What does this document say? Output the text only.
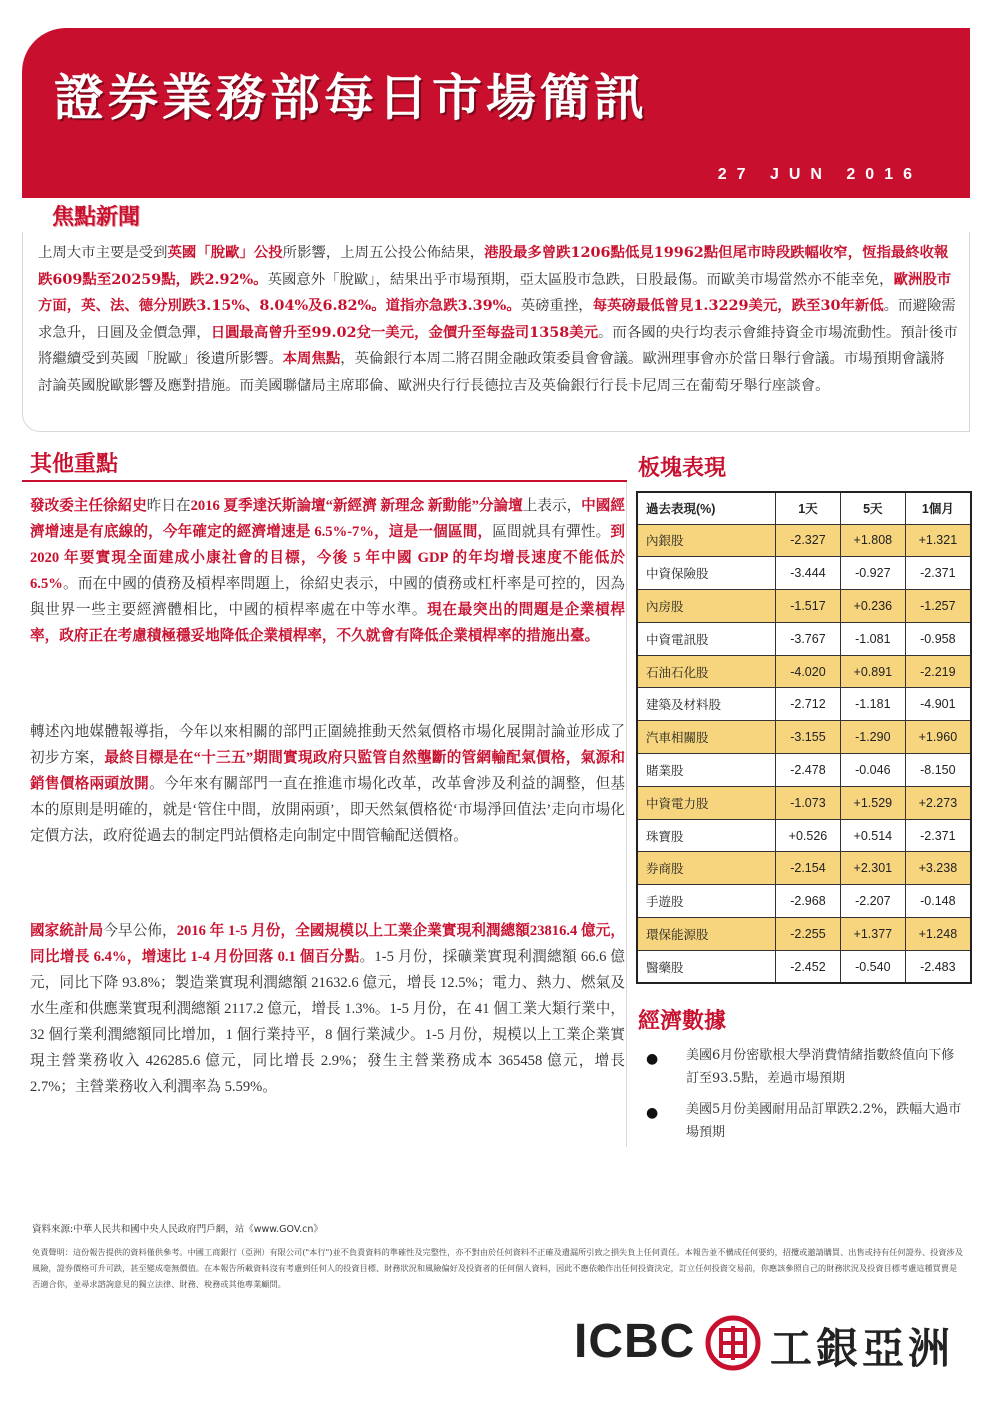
證券業務部每日市場簡訊
27 JUN 2016
焦點新聞
上周大市主要是受到英國「脫歐」公投所影響，上周五公投公佈結果，港股最多曾跌1206點低見19962點但尾市時段跌幅收窄，恆指最終收報跌609點至20259點，跌2.92%。英國意外「脫歐」，結果出乎市場預期，亞太區股市急跌，日股最傷。而歐美市場當然亦不能幸免，歐洲股市方面，英、法、德分別跌3.15%、8.04%及6.82%。道指亦急跌3.39%。英磅重挫，每英磅最低曾見1.3229美元，跌至30年新低。而避險需求急升，日圓及金價急彈，日圓最高曾升至99.02兌一美元，金價升至每盎司1358美元。而各國的央行均表示會維持資金市場流動性。預計後市將繼續受到英國「脫歐」後遺所影響。本周焦點，英倫銀行本周二將召開金融政策委員會會議。歐洲理事會亦於當日舉行會議。市場預期會議將討論英國脫歐影響及應對措施。而美國聯儲局主席耶倫、歐洲央行行長德拉吉及英倫銀行行長卡尼周三在葡萄牙舉行座談會。
其他重點
發改委主任徐紹史昨日在2016 夏季達沃斯論壇“新經濟 新理念 新動能”分論壇上表示，中國經濟增速是有底線的，今年確定的經濟增速是 6.5%-7%，這是一個區間，區間就具有彈性。到 2020 年要實現全面建成小康社會的目標，今後 5 年中國 GDP 的年均增長速度不能低於 6.5%。而在中國的債務及槓桿率問題上，徐紹史表示，中國的債務或杠杆率是可控的，因為與世界一些主要經濟體相比，中國的槓桿率處在中等水準。現在最突出的問題是企業槓桿率，政府正在考慮積極穩妥地降低企業槓桿率，不久就會有降低企業槓桿率的措施出臺。
轉述內地媒體報導指，今年以來相關的部門正圍繞推動天然氣價格市場化展開討論並形成了初步方案，最終目標是在“十三五”期間實現政府只監管自然壟斷的管網輸配氣價格，氣源和銷售價格兩頭放開。今年來有關部門一直在推進市場化改革，改革會涉及利益的調整，但基本的原則是明確的，就是‘管住中間，放開兩頭’，即天然氣價格從‘市場淨回值法’走向市場化定價方法，政府從過去的制定門站價格走向制定中間管輸配送價格。
國家統計局今早公佈，2016 年 1-5 月份，全國規模以上工業企業實現利潤總額23816.4 億元，同比增長 6.4%，增速比 1-4 月份回落 0.1 個百分點。1-5 月份，採礦業實現利潤總額 66.6 億元，同比下降 93.8%；製造業實現利潤總額 21632.6 億元，增長 12.5%；電力、熱力、燃氣及水生產和供應業實現利潤總額 2117.2 億元，增長 1.3%。1-5 月份，在 41 個工業大類行業中，32 個行業利潤總額同比增加，1 個行業持平，8 個行業減少。1-5 月份，規模以上工業企業實現主營業務收入 426285.6 億元，同比增長 2.9%；發生主營業務成本 365458 億元，增長 2.7%；主營業務收入利潤率為 5.59%。
板塊表現
過去表現(%)	1天	5天	1個月
內銀股	-2.327	+1.808	+1.321
中資保險股	-3.444	-0.927	-2.371
內房股	-1.517	+0.236	-1.257
中資電訊股	-3.767	-1.081	-0.958
石油石化股	-4.020	+0.891	-2.219
建築及材料股	-2.712	-1.181	-4.901
汽車相關股	-3.155	-1.290	+1.960
賭業股	-2.478	-0.046	-8.150
中資電力股	-1.073	+1.529	+2.273
珠寶股	+0.526	+0.514	-2.371
券商股	-2.154	+2.301	+3.238
手遊股	-2.968	-2.207	-0.148
環保能源股	-2.255	+1.377	+1.248
醫藥股	-2.452	-0.540	-2.483
經濟數據
● 美國6月份密歇根大學消費情緒指數終值向下修訂至93.5點，差過市場預期
● 美國5月份美國耐用品訂單跌2.2%，跌幅大過市場預期
資料來源:中華人民共和國中央人民政府門戶網，站《www.GOV.cn》
免責聲明：這份報告提供的資料僅供參考。中國工商銀行（亞洲）有限公司("本行")並不負責資料的準確性及完整性，亦不對由於任何資料不正確及遺漏所引致之損失負上任何責任。本報告並不構成任何要約，招攬或邀請購買、出售或持有任何證券、投資涉及風險，證券價格可升可跌，甚至變成毫無價值。在本報告所載資料沒有考慮到任何人的投資目標、財務狀況和風險偏好及投資者的任何個人資料，因此不應依賴作出任何投資決定，訂立任何投資交易前，你應該參照自己的財務狀況及投資目標考慮這種買賣是否適合你，並尋求諮詢意見的獨立法律、財務、稅務或其他專業顧問。
ICBC 工銀亞洲
